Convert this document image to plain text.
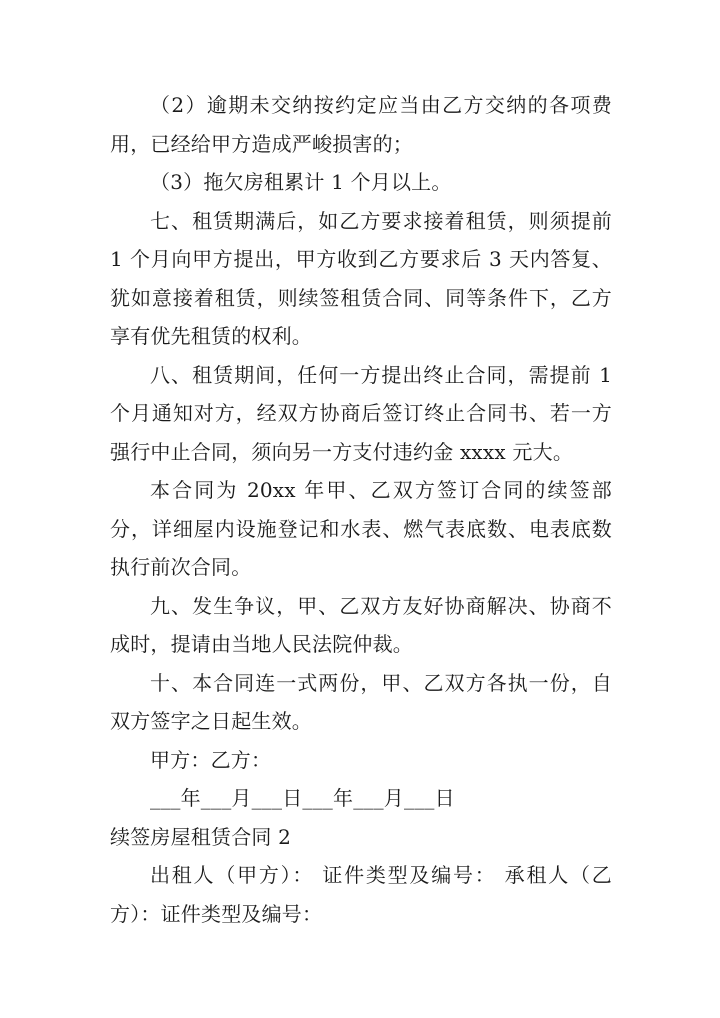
（2）逾期未交纳按约定应当由乙方交纳的各项费用，已经给甲方造成严峻损害的；

（3）拖欠房租累计 1 个月以上。

七、租赁期满后，如乙方要求接着租赁，则须提前 1 个月向甲方提出，甲方收到乙方要求后 3 天内答复、犹如意接着租赁，则续签租赁合同、同等条件下，乙方享有优先租赁的权利。

八、租赁期间，任何一方提出终止合同，需提前 1 个月通知对方，经双方协商后签订终止合同书、若一方强行中止合同，须向另一方支付违约金 xxxx 元大。

本合同为 20xx 年甲、乙双方签订合同的续签部分，详细屋内设施登记和水表、燃气表底数、电表底数执行前次合同。

九、发生争议，甲、乙双方友好协商解决、协商不成时，提请由当地人民法院仲裁。

十、本合同连一式两份，甲、乙双方各执一份，自双方签字之日起生效。

甲方：乙方：

___年___月___日___年___月___日

续签房屋租赁合同 2

出租人（甲方）： 证件类型及编号： 承租人（乙方）：证件类型及编号：
